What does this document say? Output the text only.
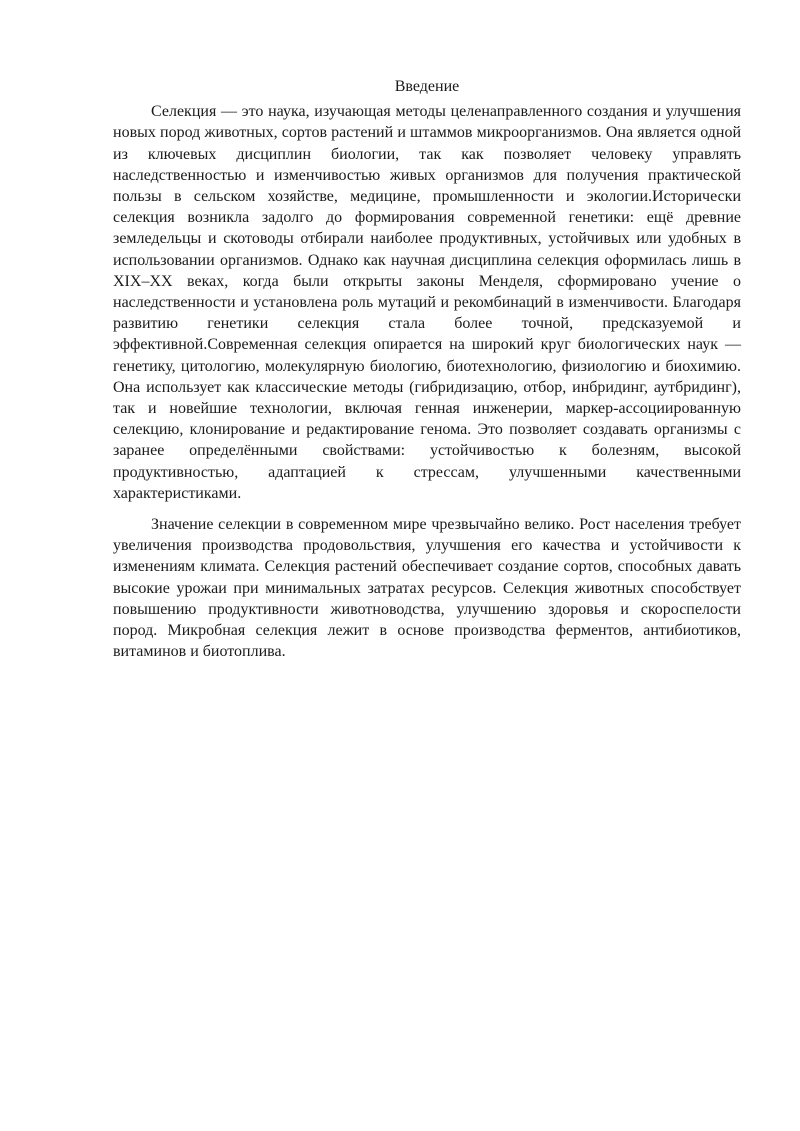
Введение

Селекция — это наука, изучающая методы целенаправленного создания и улучшения новых пород животных, сортов растений и штаммов микроорганизмов. Она является одной из ключевых дисциплин биологии, так как позволяет человеку управлять наследственностью и изменчивостью живых организмов для получения практической пользы в сельском хозяйстве, медицине, промышленности и экологии.Исторически селекция возникла задолго до формирования современной генетики: ещё древние земледельцы и скотоводы отбирали наиболее продуктивных, устойчивых или удобных в использовании организмов. Однако как научная дисциплина селекция оформилась лишь в XIX–XX веках, когда были открыты законы Менделя, сформировано учение о наследственности и установлена роль мутаций и рекомбинаций в изменчивости. Благодаря развитию генетики селекция стала более точной, предсказуемой и эффективной.Современная селекция опирается на широкий круг биологических наук — генетику, цитологию, молекулярную биологию, биотехнологию, физиологию и биохимию. Она использует как классические методы (гибридизацию, отбор, инбридинг, аутбридинг), так и новейшие технологии, включая генная инженерии, маркер-ассоциированную селекцию, клонирование и редактирование генома. Это позволяет создавать организмы с заранее определёнными свойствами: устойчивостью к болезням, высокой продуктивностью, адаптацией к стрессам, улучшенными качественными характеристиками.

Значение селекции в современном мире чрезвычайно велико. Рост населения требует увеличения производства продовольствия, улучшения его качества и устойчивости к изменениям климата. Селекция растений обеспечивает создание сортов, способных давать высокие урожаи при минимальных затратах ресурсов. Селекция животных способствует повышению продуктивности животноводства, улучшению здоровья и скороспелости пород. Микробная селекция лежит в основе производства ферментов, антибиотиков, витаминов и биотоплива.
